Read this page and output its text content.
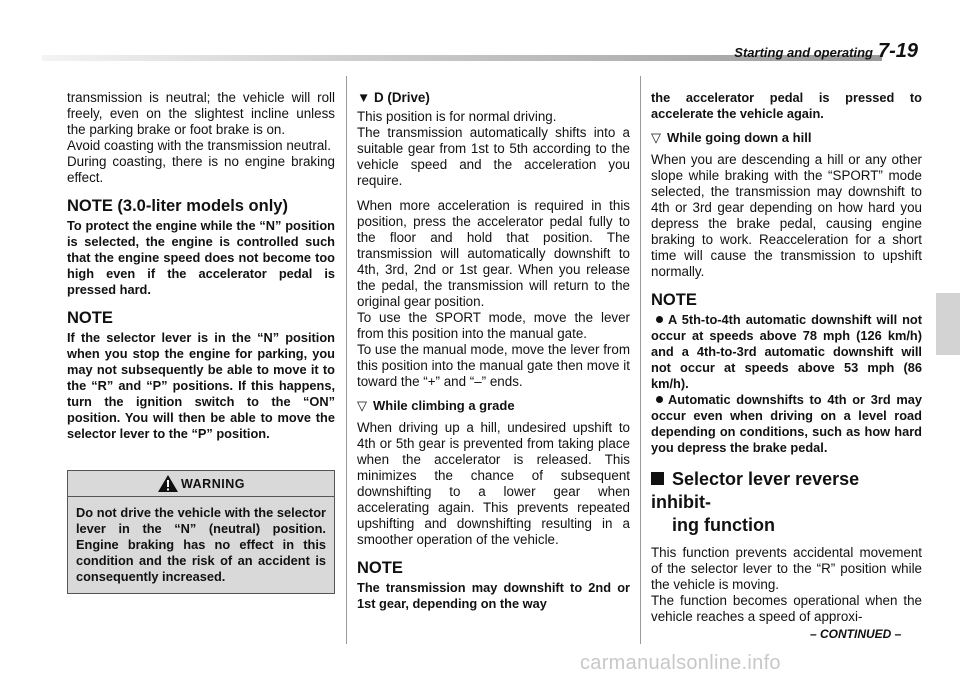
Starting and operating 7-19

transmission is neutral; the vehicle will roll freely, even on the slightest incline unless the parking brake or foot brake is on.

Avoid coasting with the transmission neutral.

During coasting, there is no engine braking effect.

NOTE (3.0-liter models only)
To protect the engine while the “N” position is selected, the engine is controlled such that the engine speed does not become too high even if the accelerator pedal is pressed hard.
NOTE
If the selector lever is in the “N” position when you stop the engine for parking, you may not subsequently be able to move it to the “R” and “P” positions. If this happens, turn the ignition switch to the “ON” position. You will then be able to move the selector lever to the “P” position.
WARNING
Do not drive the vehicle with the selector lever in the “N” (neutral) position. Engine braking has no effect in this condition and the risk of an accident is consequently increased.
▼ D (Drive)

This position is for normal driving.

The transmission automatically shifts into a suitable gear from 1st to 5th according to the vehicle speed and the acceleration you require.

When more acceleration is required in this position, press the accelerator pedal fully to the floor and hold that position. The transmission will automatically downshift to 4th, 3rd, 2nd or 1st gear. When you release the pedal, the transmission will return to the original gear position.

To use the SPORT mode, move the lever from this position into the manual gate.

To use the manual mode, move the lever from this position into the manual gate then move it toward the “+” and “–” ends.

▽ While climbing a grade

When driving up a hill, undesired upshift to 4th or 5th gear is prevented from taking place when the accelerator is released. This minimizes the chance of subsequent downshifting to a lower gear when accelerating again. This prevents repeated upshifting and downshifting resulting in a smoother operation of the vehicle.

NOTE
The transmission may downshift to 2nd or 1st gear, depending on the way
the accelerator pedal is pressed to accelerate the vehicle again.
▽ While going down a hill

When you are descending a hill or any other slope while braking with the “SPORT” mode selected, the transmission may downshift to 4th or 3rd gear depending on how hard you depress the brake pedal, causing engine braking to work. Reacceleration for a short time will cause the transmission to upshift normally.

NOTE
A 5th-to-4th automatic downshift will not occur at speeds above 78 mph (126 km/h) and a 4th-to-3rd automatic downshift will not occur at speeds above 53 mph (86 km/h).
Automatic downshifts to 4th or 3rd may occur even when driving on a level road depending on conditions, such as how hard you depress the brake pedal.
Selector lever reverse inhibit-
ing function

This function prevents accidental movement of the selector lever to the “R” position while the vehicle is moving.

The function becomes operational when the vehicle reaches a speed of approxi-

– CONTINUED –
carmanualsonline.info
